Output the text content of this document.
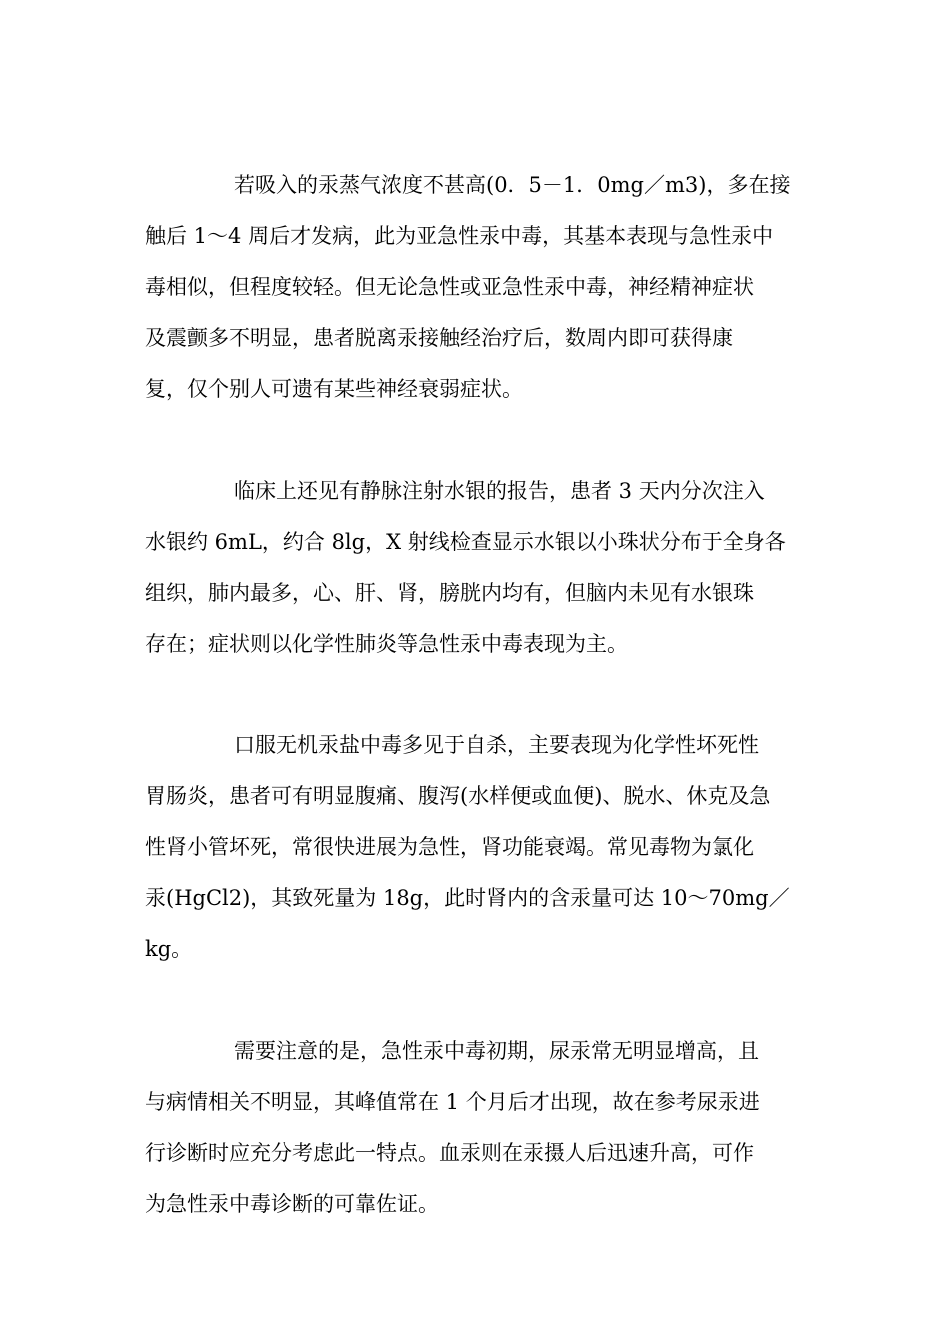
若吸入的汞蒸气浓度不甚高(0．5－1．0mg／m3)，多在接
触后 1～4 周后才发病，此为亚急性汞中毒，其基本表现与急性汞中
毒相似，但程度较轻。但无论急性或亚急性汞中毒，神经精神症状
及震颤多不明显，患者脱离汞接触经治疗后，数周内即可获得康
复，仅个别人可遗有某些神经衰弱症状。
临床上还见有静脉注射水银的报告，患者 3 天内分次注入
水银约 6mL，约合 8lg，X 射线检查显示水银以小珠状分布于全身各
组织，肺内最多，心、肝、肾，膀胱内均有，但脑内未见有水银珠
存在；症状则以化学性肺炎等急性汞中毒表现为主。
口服无机汞盐中毒多见于自杀，主要表现为化学性坏死性
胃肠炎，患者可有明显腹痛、腹泻(水样便或血便)、脱水、休克及急
性肾小管坏死，常很快进展为急性，肾功能衰竭。常见毒物为氯化
汞(HgCl2)，其致死量为 18g，此时肾内的含汞量可达 10～70mg／
kg。
需要注意的是，急性汞中毒初期，尿汞常无明显增高，且
与病情相关不明显，其峰值常在 1 个月后才出现，故在参考尿汞进
行诊断时应充分考虑此一特点。血汞则在汞摄人后迅速升高，可作
为急性汞中毒诊断的可靠佐证。
